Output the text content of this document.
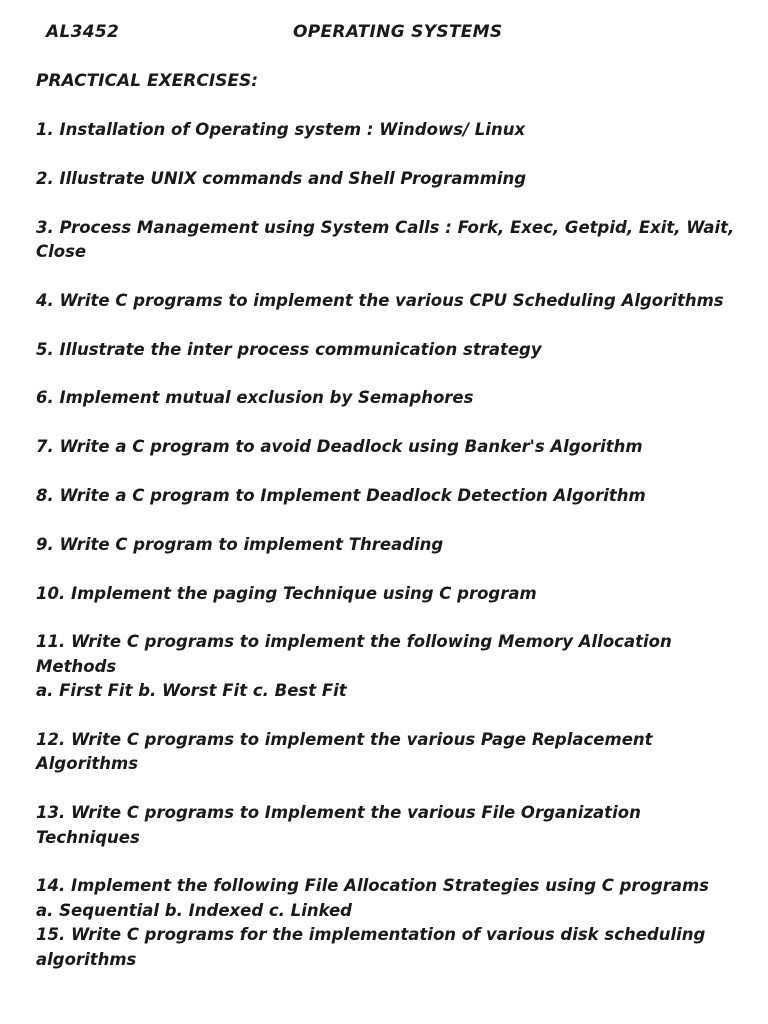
AL3452	OPERATING SYSTEMS
PRACTICAL EXERCISES:
1. Installation of Operating system : Windows/ Linux
2. Illustrate UNIX commands and Shell Programming
3. Process Management using System Calls : Fork, Exec, Getpid, Exit, Wait,
Close
4. Write C programs to implement the various CPU Scheduling Algorithms
5. Illustrate the inter process communication strategy
6. Implement mutual exclusion by Semaphores
7. Write a C program to avoid Deadlock using Banker's Algorithm
8. Write a C program to Implement Deadlock Detection Algorithm
9. Write C program to implement Threading
10. Implement the paging Technique using C program
11. Write C programs to implement the following Memory Allocation
Methods
a. First Fit b. Worst Fit c. Best Fit
12. Write C programs to implement the various Page Replacement
Algorithms
13. Write C programs to Implement the various File Organization Techniques
14. Implement the following File Allocation Strategies using C programs
a. Sequential b. Indexed c. Linked
15. Write C programs for the implementation of various disk scheduling
algorithms
